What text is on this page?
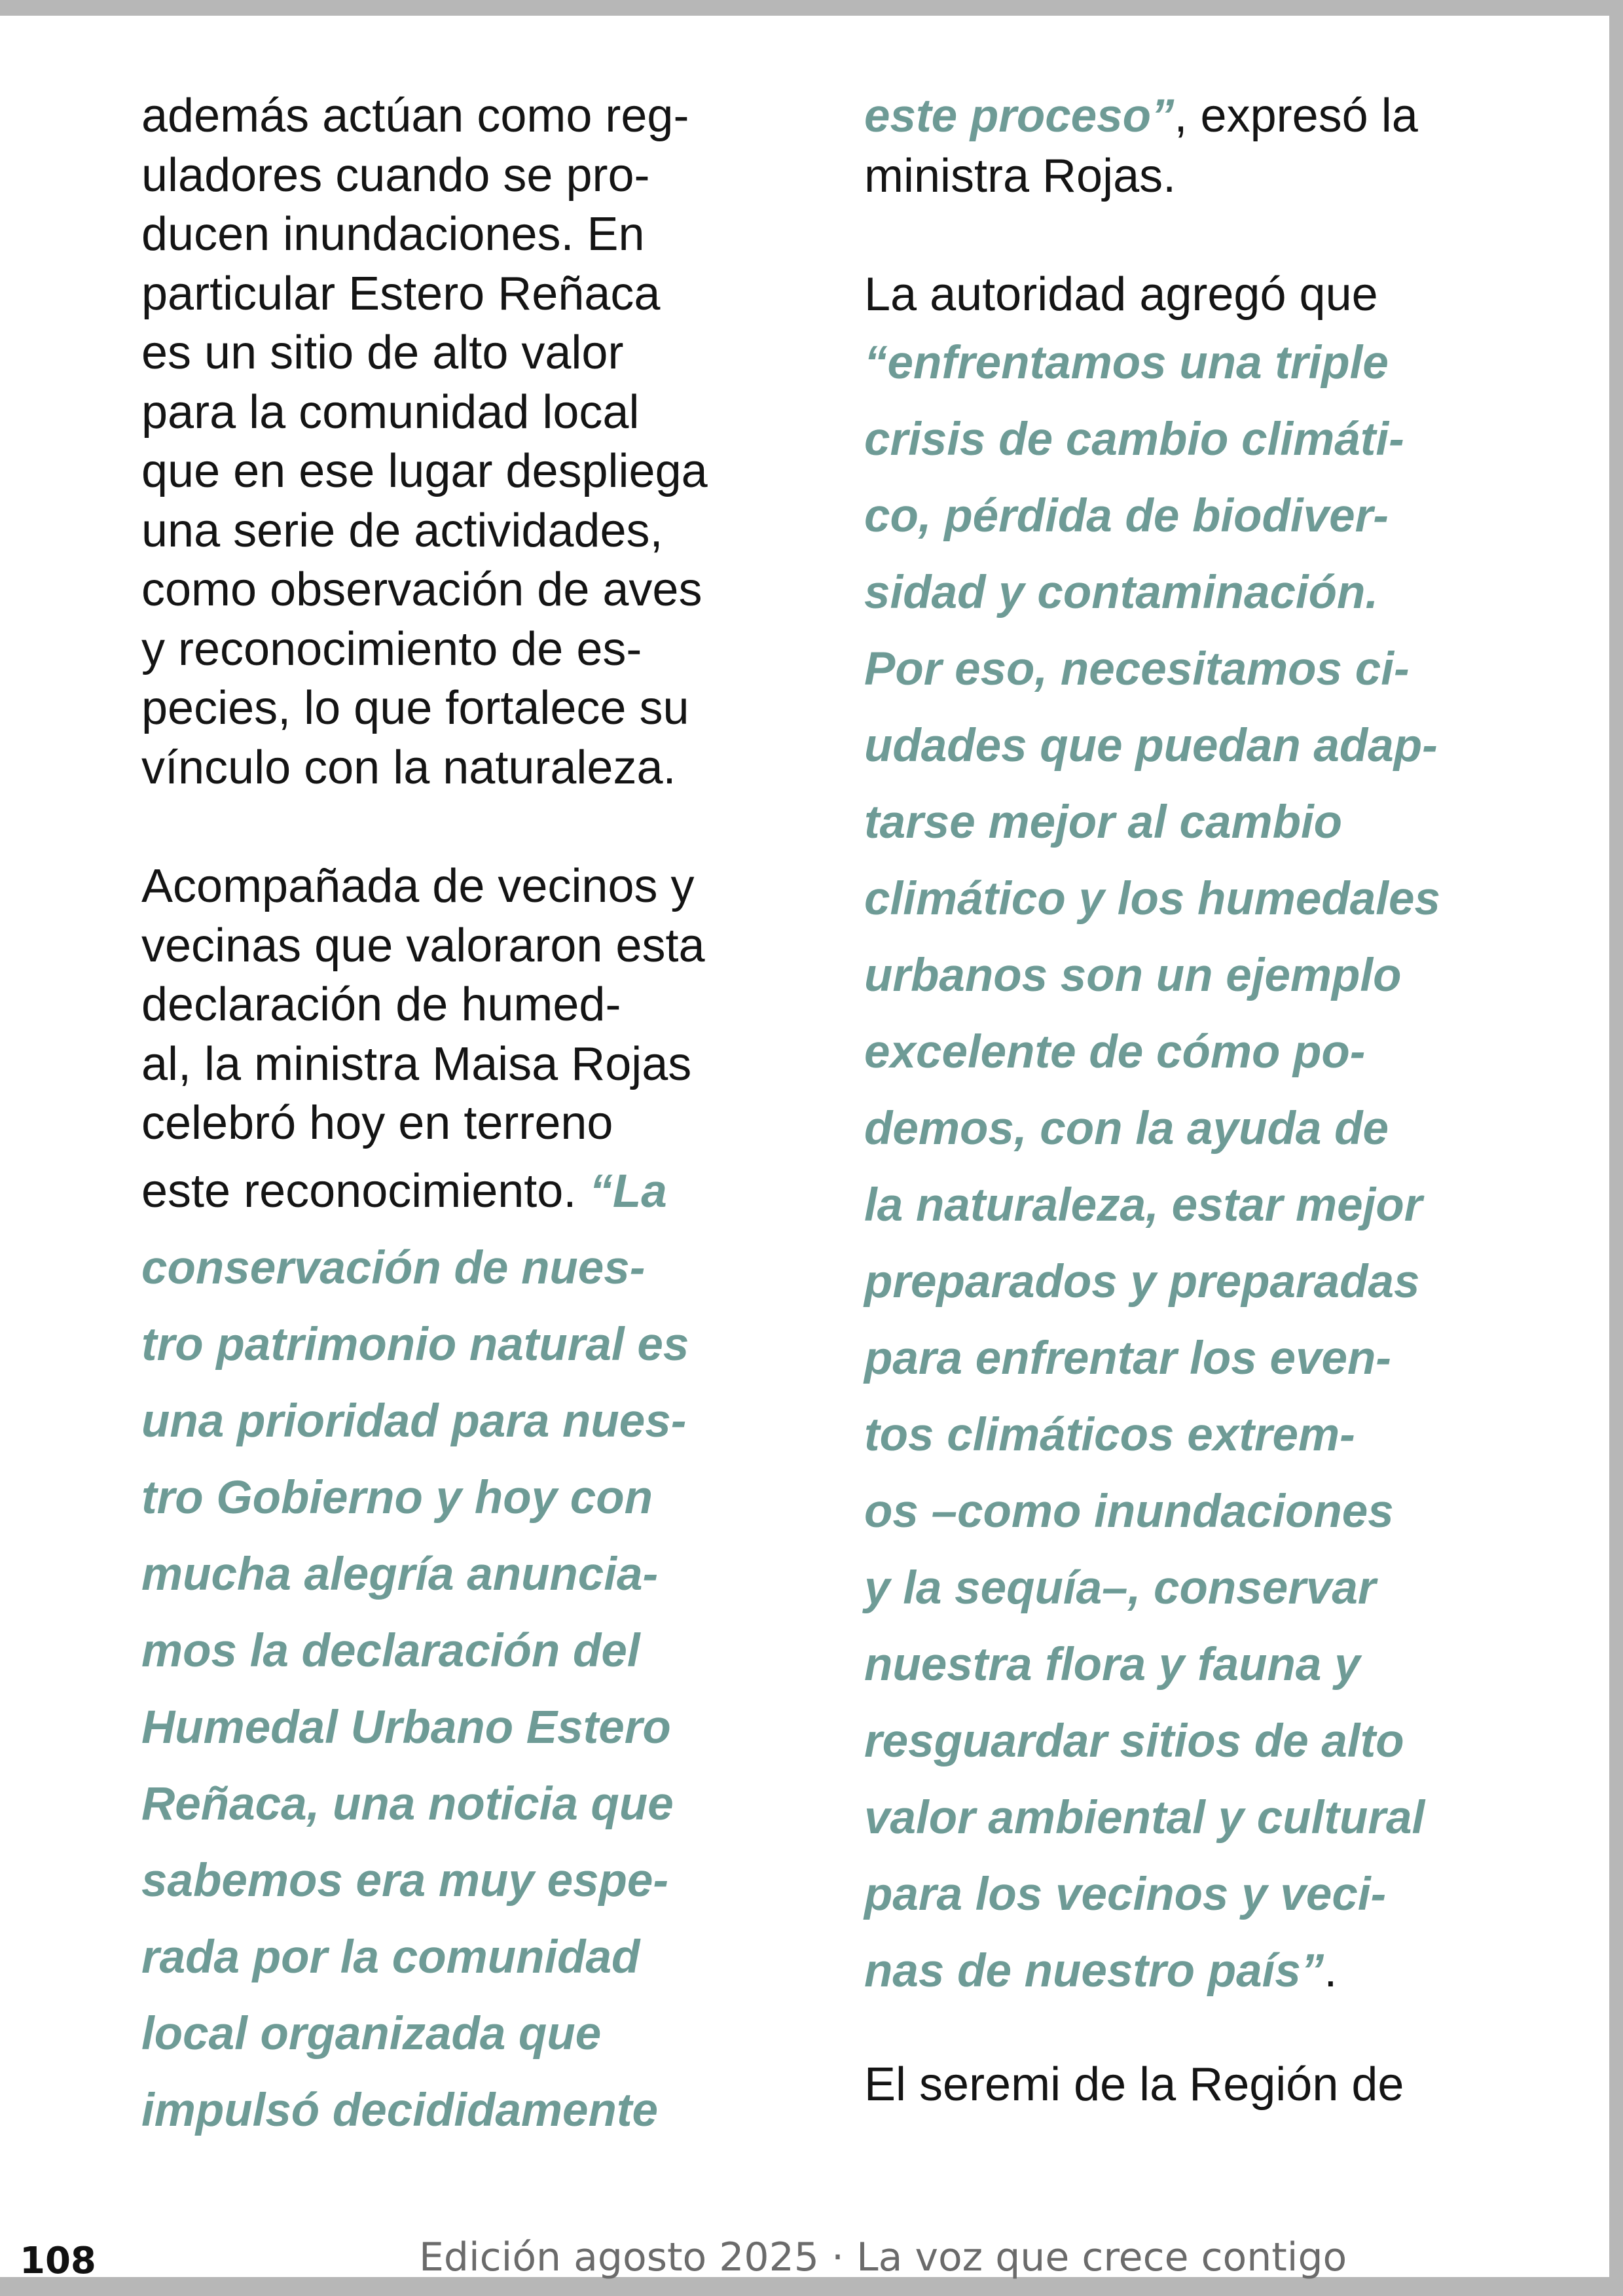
además actúan como reg-
uladores cuando se pro-
ducen inundaciones. En
particular Estero Reñaca
es un sitio de alto valor
para la comunidad local
que en ese lugar despliega
una serie de actividades,
como observación de aves
y reconocimiento de es-
pecies, lo que fortalece su
vínculo con la naturaleza.
Acompañada de vecinos y
vecinas que valoraron esta
declaración de humed-
al, la ministra Maisa Rojas
celebró hoy en terreno
este reconocimiento. “La
conservación de nues-
tro patrimonio natural es
una prioridad para nues-
tro Gobierno y hoy con
mucha alegría anuncia-
mos la declaración del
Humedal Urbano Estero
Reñaca, una noticia que
sabemos era muy espe-
rada por la comunidad
local organizada que
impulsó decididamente
este proceso”, expresó la
ministra Rojas.
La autoridad agregó que
“enfrentamos una triple
crisis de cambio climáti-
co, pérdida de biodiver-
sidad y contaminación.
Por eso, necesitamos ci-
udades que puedan adap-
tarse mejor al cambio
climático y los humedales
urbanos son un ejemplo
excelente de cómo po-
demos, con la ayuda de
la naturaleza, estar mejor
preparados y preparadas
para enfrentar los even-
tos climáticos extrem-
os –como inundaciones
y la sequía–, conservar
nuestra flora y fauna y
resguardar sitios de alto
valor ambiental y cultural
para los vecinos y veci-
nas de nuestro país”.
El seremi de la Región de
108	Edición agosto 2025 · La voz que crece contigo
